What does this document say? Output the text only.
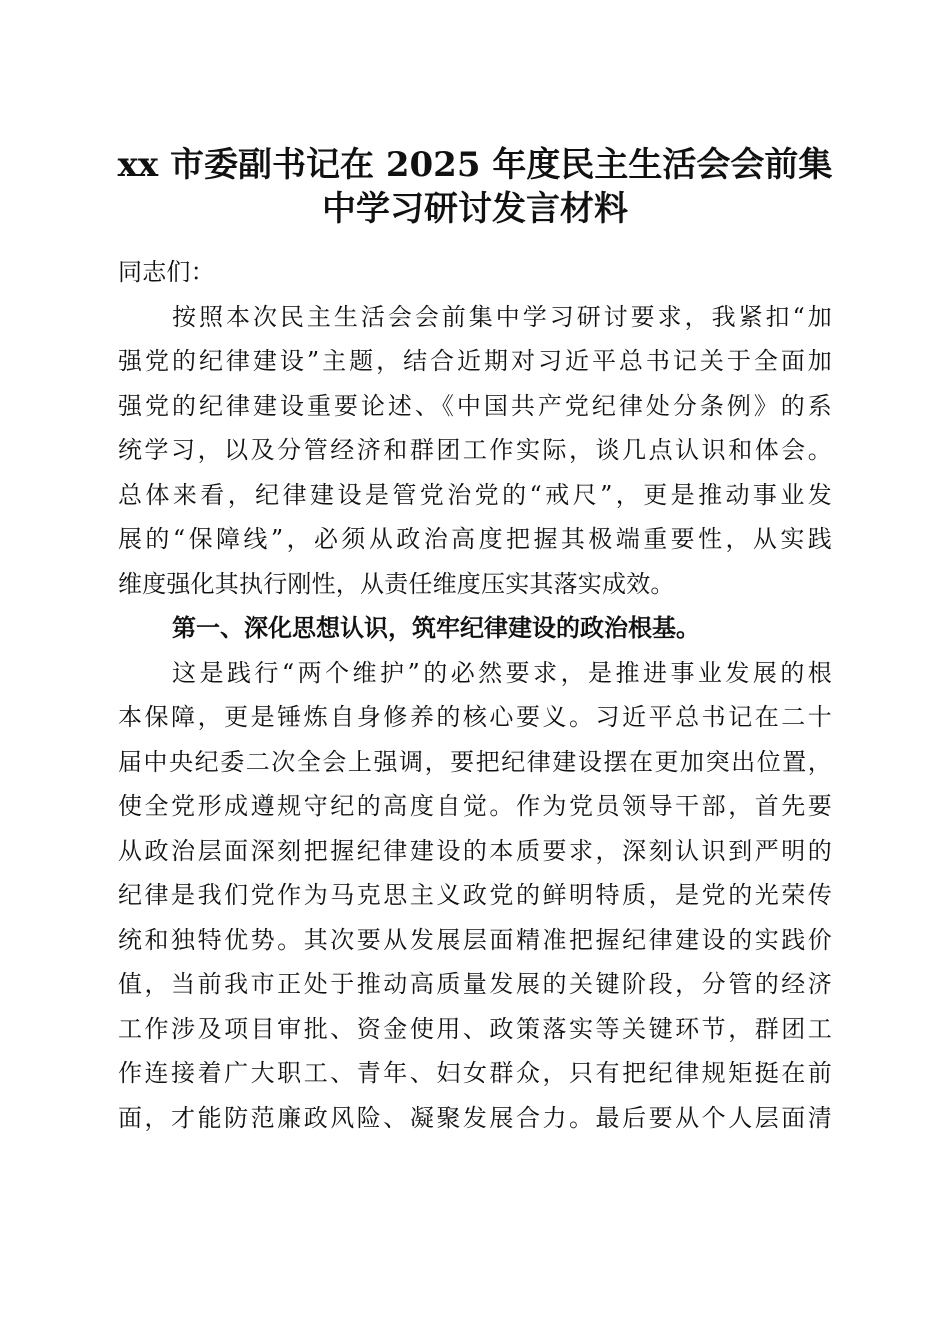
xx 市委副书记在 2025 年度民主生活会会前集
中学习研讨发言材料

同志们：

按照本次民主生活会会前集中学习研讨要求，我紧扣“加
强党的纪律建设”主题，结合近期对习近平总书记关于全面加
强党的纪律建设重要论述、《中国共产党纪律处分条例》的系
统学习，以及分管经济和群团工作实际，谈几点认识和体会。
总体来看，纪律建设是管党治党的“戒尺”，更是推动事业发
展的“保障线”，必须从政治高度把握其极端重要性，从实践
维度强化其执行刚性，从责任维度压实其落实成效。

第一、深化思想认识，筑牢纪律建设的政治根基。

这是践行“两个维护”的必然要求，是推进事业发展的根
本保障，更是锤炼自身修养的核心要义。习近平总书记在二十
届中央纪委二次全会上强调，要把纪律建设摆在更加突出位置，
使全党形成遵规守纪的高度自觉。作为党员领导干部，首先要
从政治层面深刻把握纪律建设的本质要求，深刻认识到严明的
纪律是我们党作为马克思主义政党的鲜明特质，是党的光荣传
统和独特优势。其次要从发展层面精准把握纪律建设的实践价
值，当前我市正处于推动高质量发展的关键阶段，分管的经济
工作涉及项目审批、资金使用、政策落实等关键环节，群团工
作连接着广大职工、青年、妇女群众，只有把纪律规矩挺在前
面，才能防范廉政风险、凝聚发展合力。最后要从个人层面清
